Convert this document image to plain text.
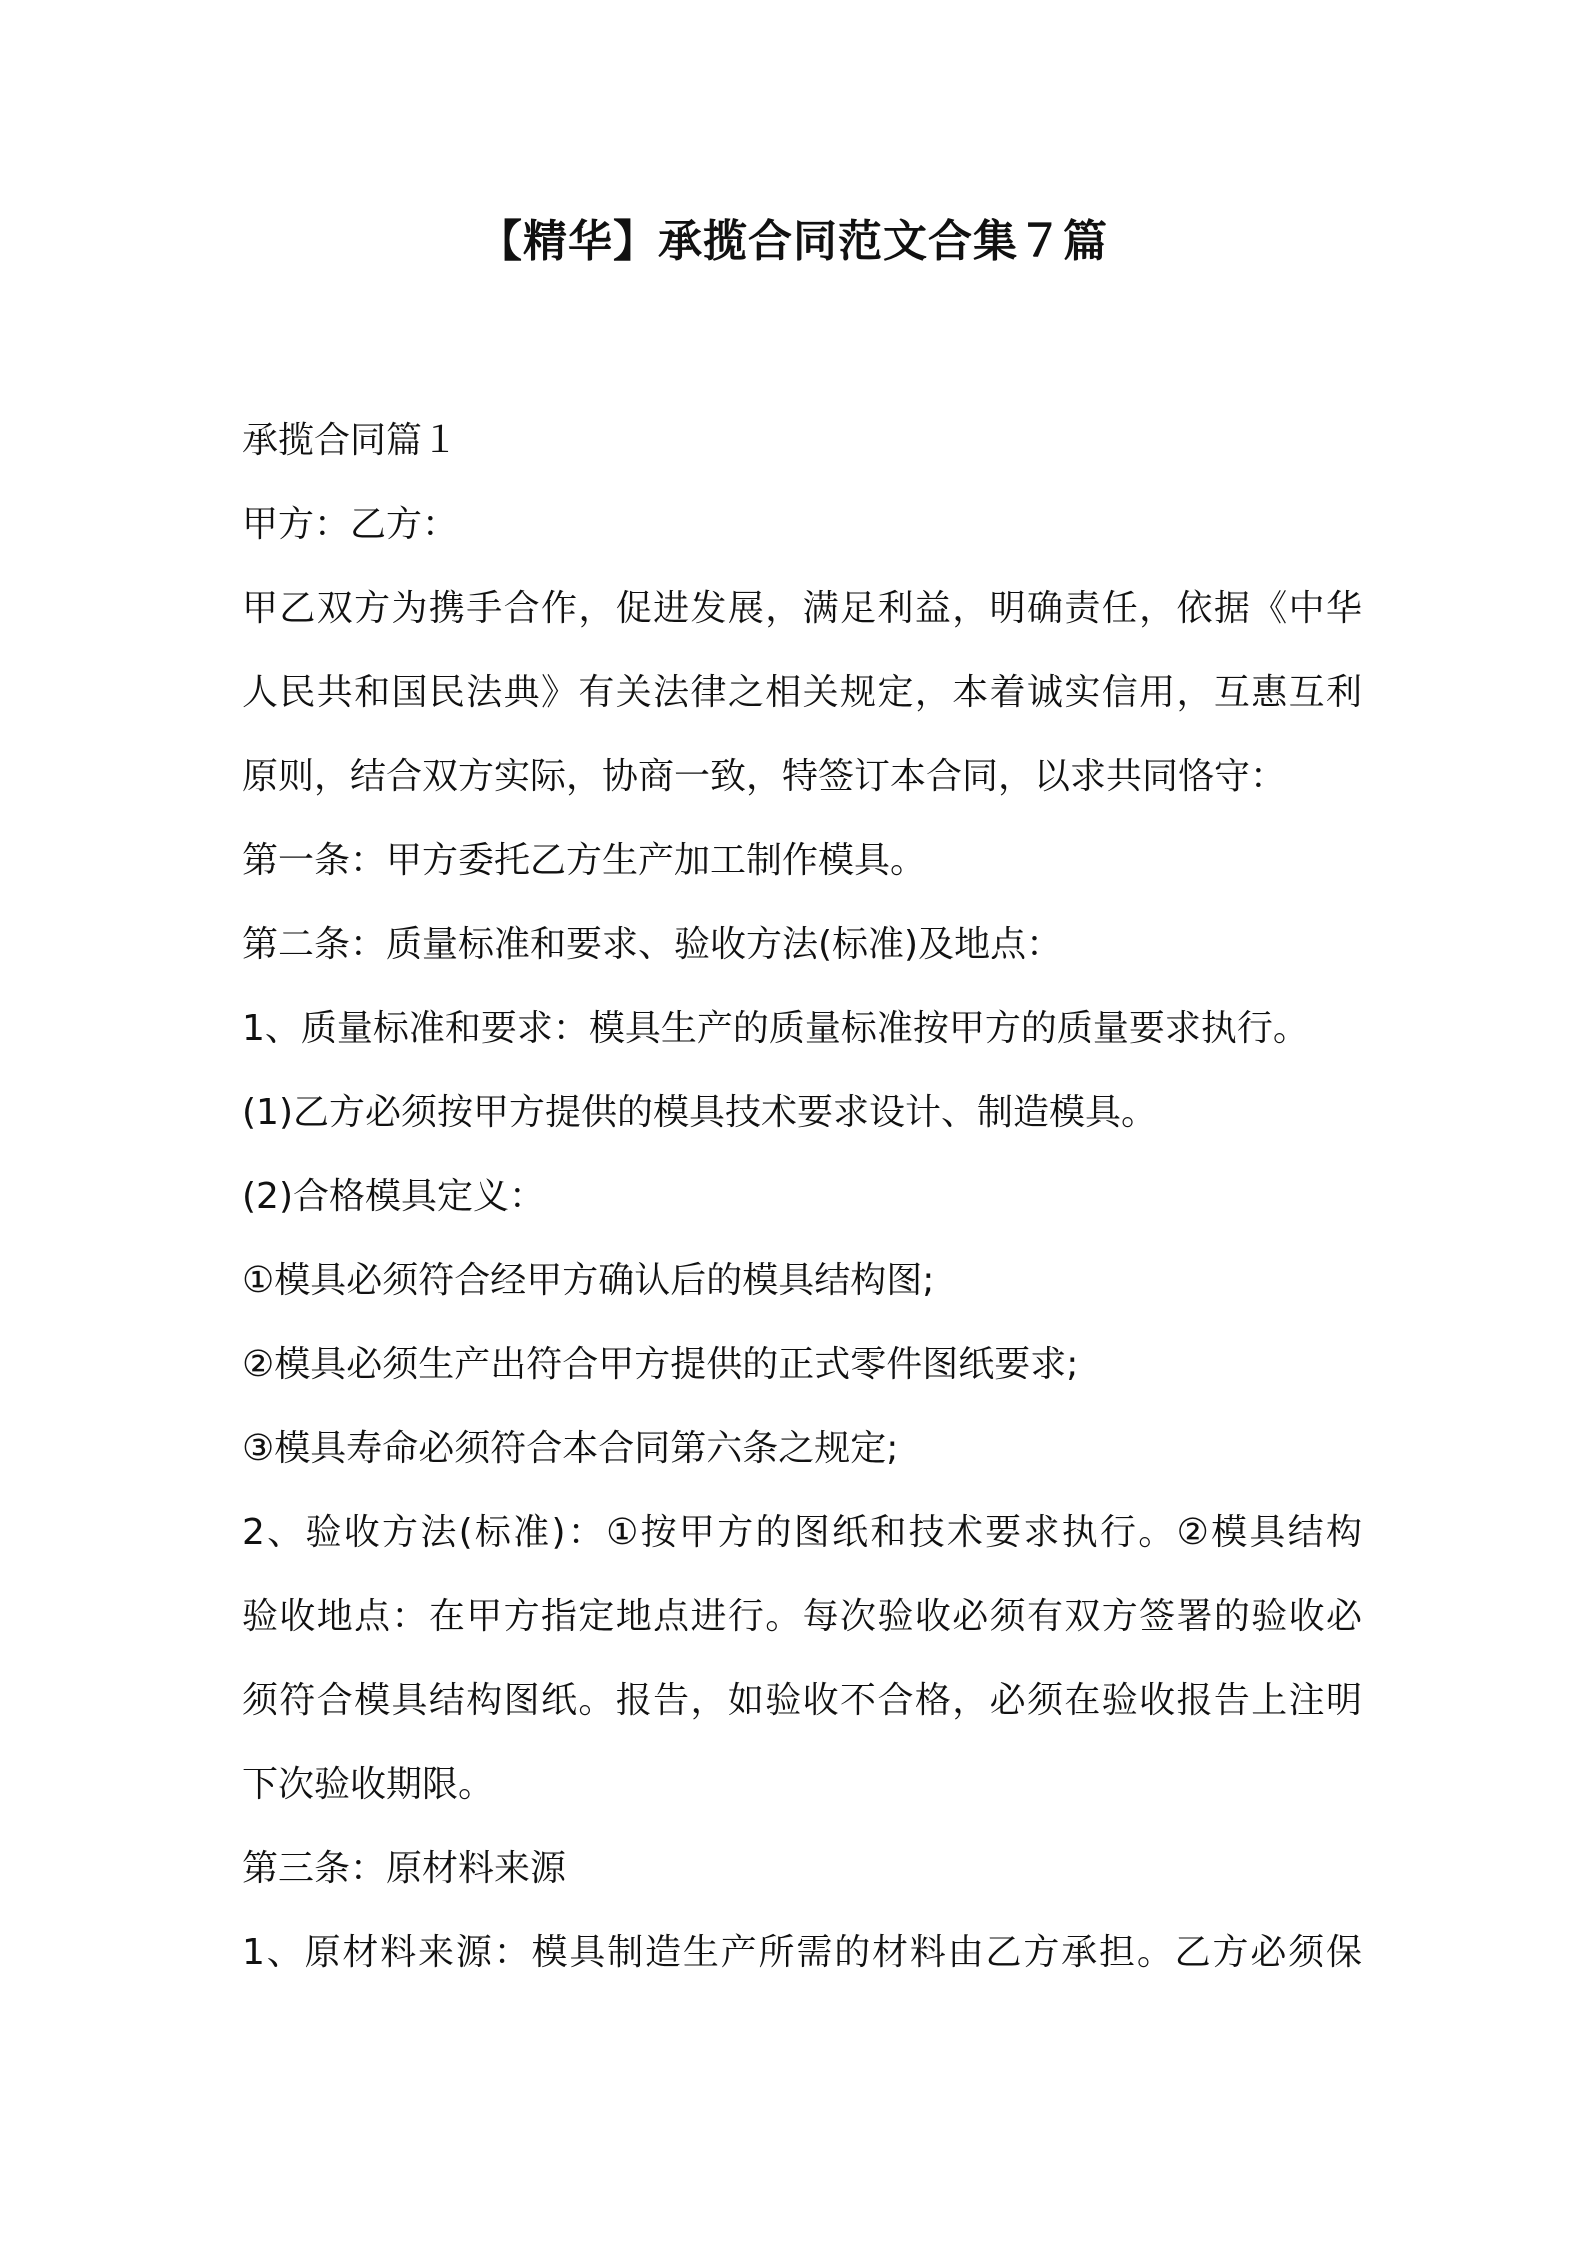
【精华】承揽合同范文合集７篇

承揽合同篇１

甲方：乙方：

甲乙双方为携手合作，促进发展，满足利益，明确责任，依据《中华

人民共和国民法典》有关法律之相关规定，本着诚实信用，互惠互利

原则，结合双方实际，协商一致，特签订本合同，以求共同恪守：

第一条：甲方委托乙方生产加工制作模具。

第二条：质量标准和要求、验收方法(标准)及地点：

1、质量标准和要求：模具生产的质量标准按甲方的质量要求执行。

(1)乙方必须按甲方提供的模具技术要求设计、制造模具。

(2)合格模具定义：

①模具必须符合经甲方确认后的模具结构图;

②模具必须生产出符合甲方提供的正式零件图纸要求;

③模具寿命必须符合本合同第六条之规定;

2、验收方法(标准)：①按甲方的图纸和技术要求执行。②模具结构

验收地点：在甲方指定地点进行。每次验收必须有双方签署的验收必

须符合模具结构图纸。报告，如验收不合格，必须在验收报告上注明

下次验收期限。

第三条：原材料来源

1、原材料来源：模具制造生产所需的材料由乙方承担。乙方必须保
